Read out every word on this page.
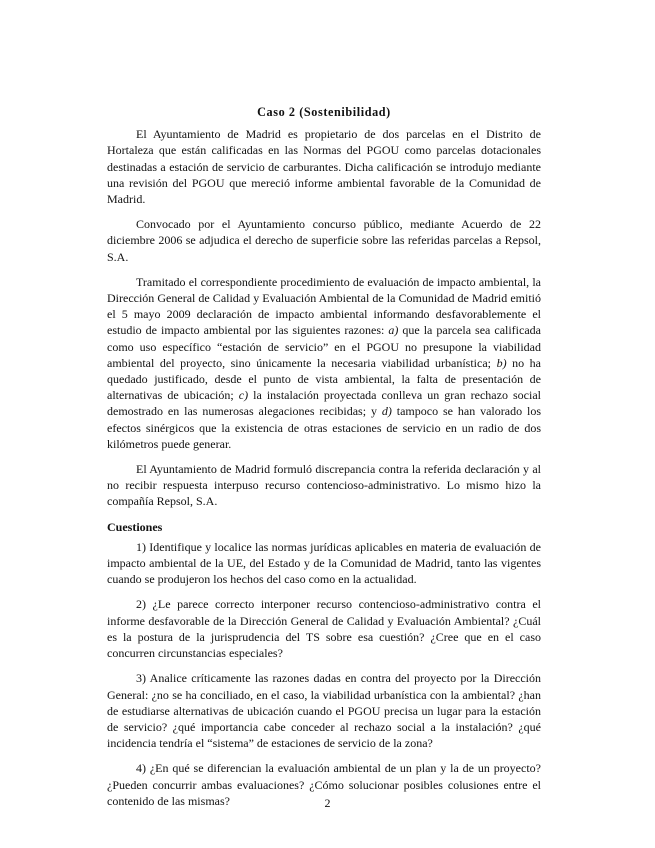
Caso 2 (Sostenibilidad)

El Ayuntamiento de Madrid es propietario de dos parcelas en el Distrito de Hortaleza que están calificadas en las Normas del PGOU como parcelas dotacionales destinadas a estación de servicio de carburantes. Dicha calificación se introdujo mediante una revisión del PGOU que mereció informe ambiental favorable de la Comunidad de Madrid.

Convocado por el Ayuntamiento concurso público, mediante Acuerdo de 22 diciembre 2006 se adjudica el derecho de superficie sobre las referidas parcelas a Repsol, S.A.

Tramitado el correspondiente procedimiento de evaluación de impacto ambiental, la Dirección General de Calidad y Evaluación Ambiental de la Comunidad de Madrid emitió el 5 mayo 2009 declaración de impacto ambiental informando desfavorablemente el estudio de impacto ambiental por las siguientes razones: a) que la parcela sea calificada como uso específico “estación de servicio” en el PGOU no presupone la viabilidad ambiental del proyecto, sino únicamente la necesaria viabilidad urbanística; b) no ha quedado justificado, desde el punto de vista ambiental, la falta de presentación de alternativas de ubicación; c) la instalación proyectada conlleva un gran rechazo social demostrado en las numerosas alegaciones recibidas; y d) tampoco se han valorado los efectos sinérgicos que la existencia de otras estaciones de servicio en un radio de dos kilómetros puede generar.

El Ayuntamiento de Madrid formuló discrepancia contra la referida declaración y al no recibir respuesta interpuso recurso contencioso-administrativo. Lo mismo hizo la compañía Repsol, S.A.

Cuestiones

1) Identifique y localice las normas jurídicas aplicables en materia de evaluación de impacto ambiental de la UE, del Estado y de la Comunidad de Madrid, tanto las vigentes cuando se produjeron los hechos del caso como en la actualidad.

2) ¿Le parece correcto interponer recurso contencioso-administrativo contra el informe desfavorable de la Dirección General de Calidad y Evaluación Ambiental? ¿Cuál es la postura de la jurisprudencia del TS sobre esa cuestión? ¿Cree que en el caso concurren circunstancias especiales?

3) Analice críticamente las razones dadas en contra del proyecto por la Dirección General: ¿no se ha conciliado, en el caso, la viabilidad urbanística con la ambiental? ¿han de estudiarse alternativas de ubicación cuando el PGOU precisa un lugar para la estación de servicio? ¿qué importancia cabe conceder al rechazo social a la instalación? ¿qué incidencia tendría el “sistema” de estaciones de servicio de la zona?

4) ¿En qué se diferencian la evaluación ambiental de un plan y la de un proyecto? ¿Pueden concurrir ambas evaluaciones? ¿Cómo solucionar posibles colusiones entre el contenido de las mismas?	2
